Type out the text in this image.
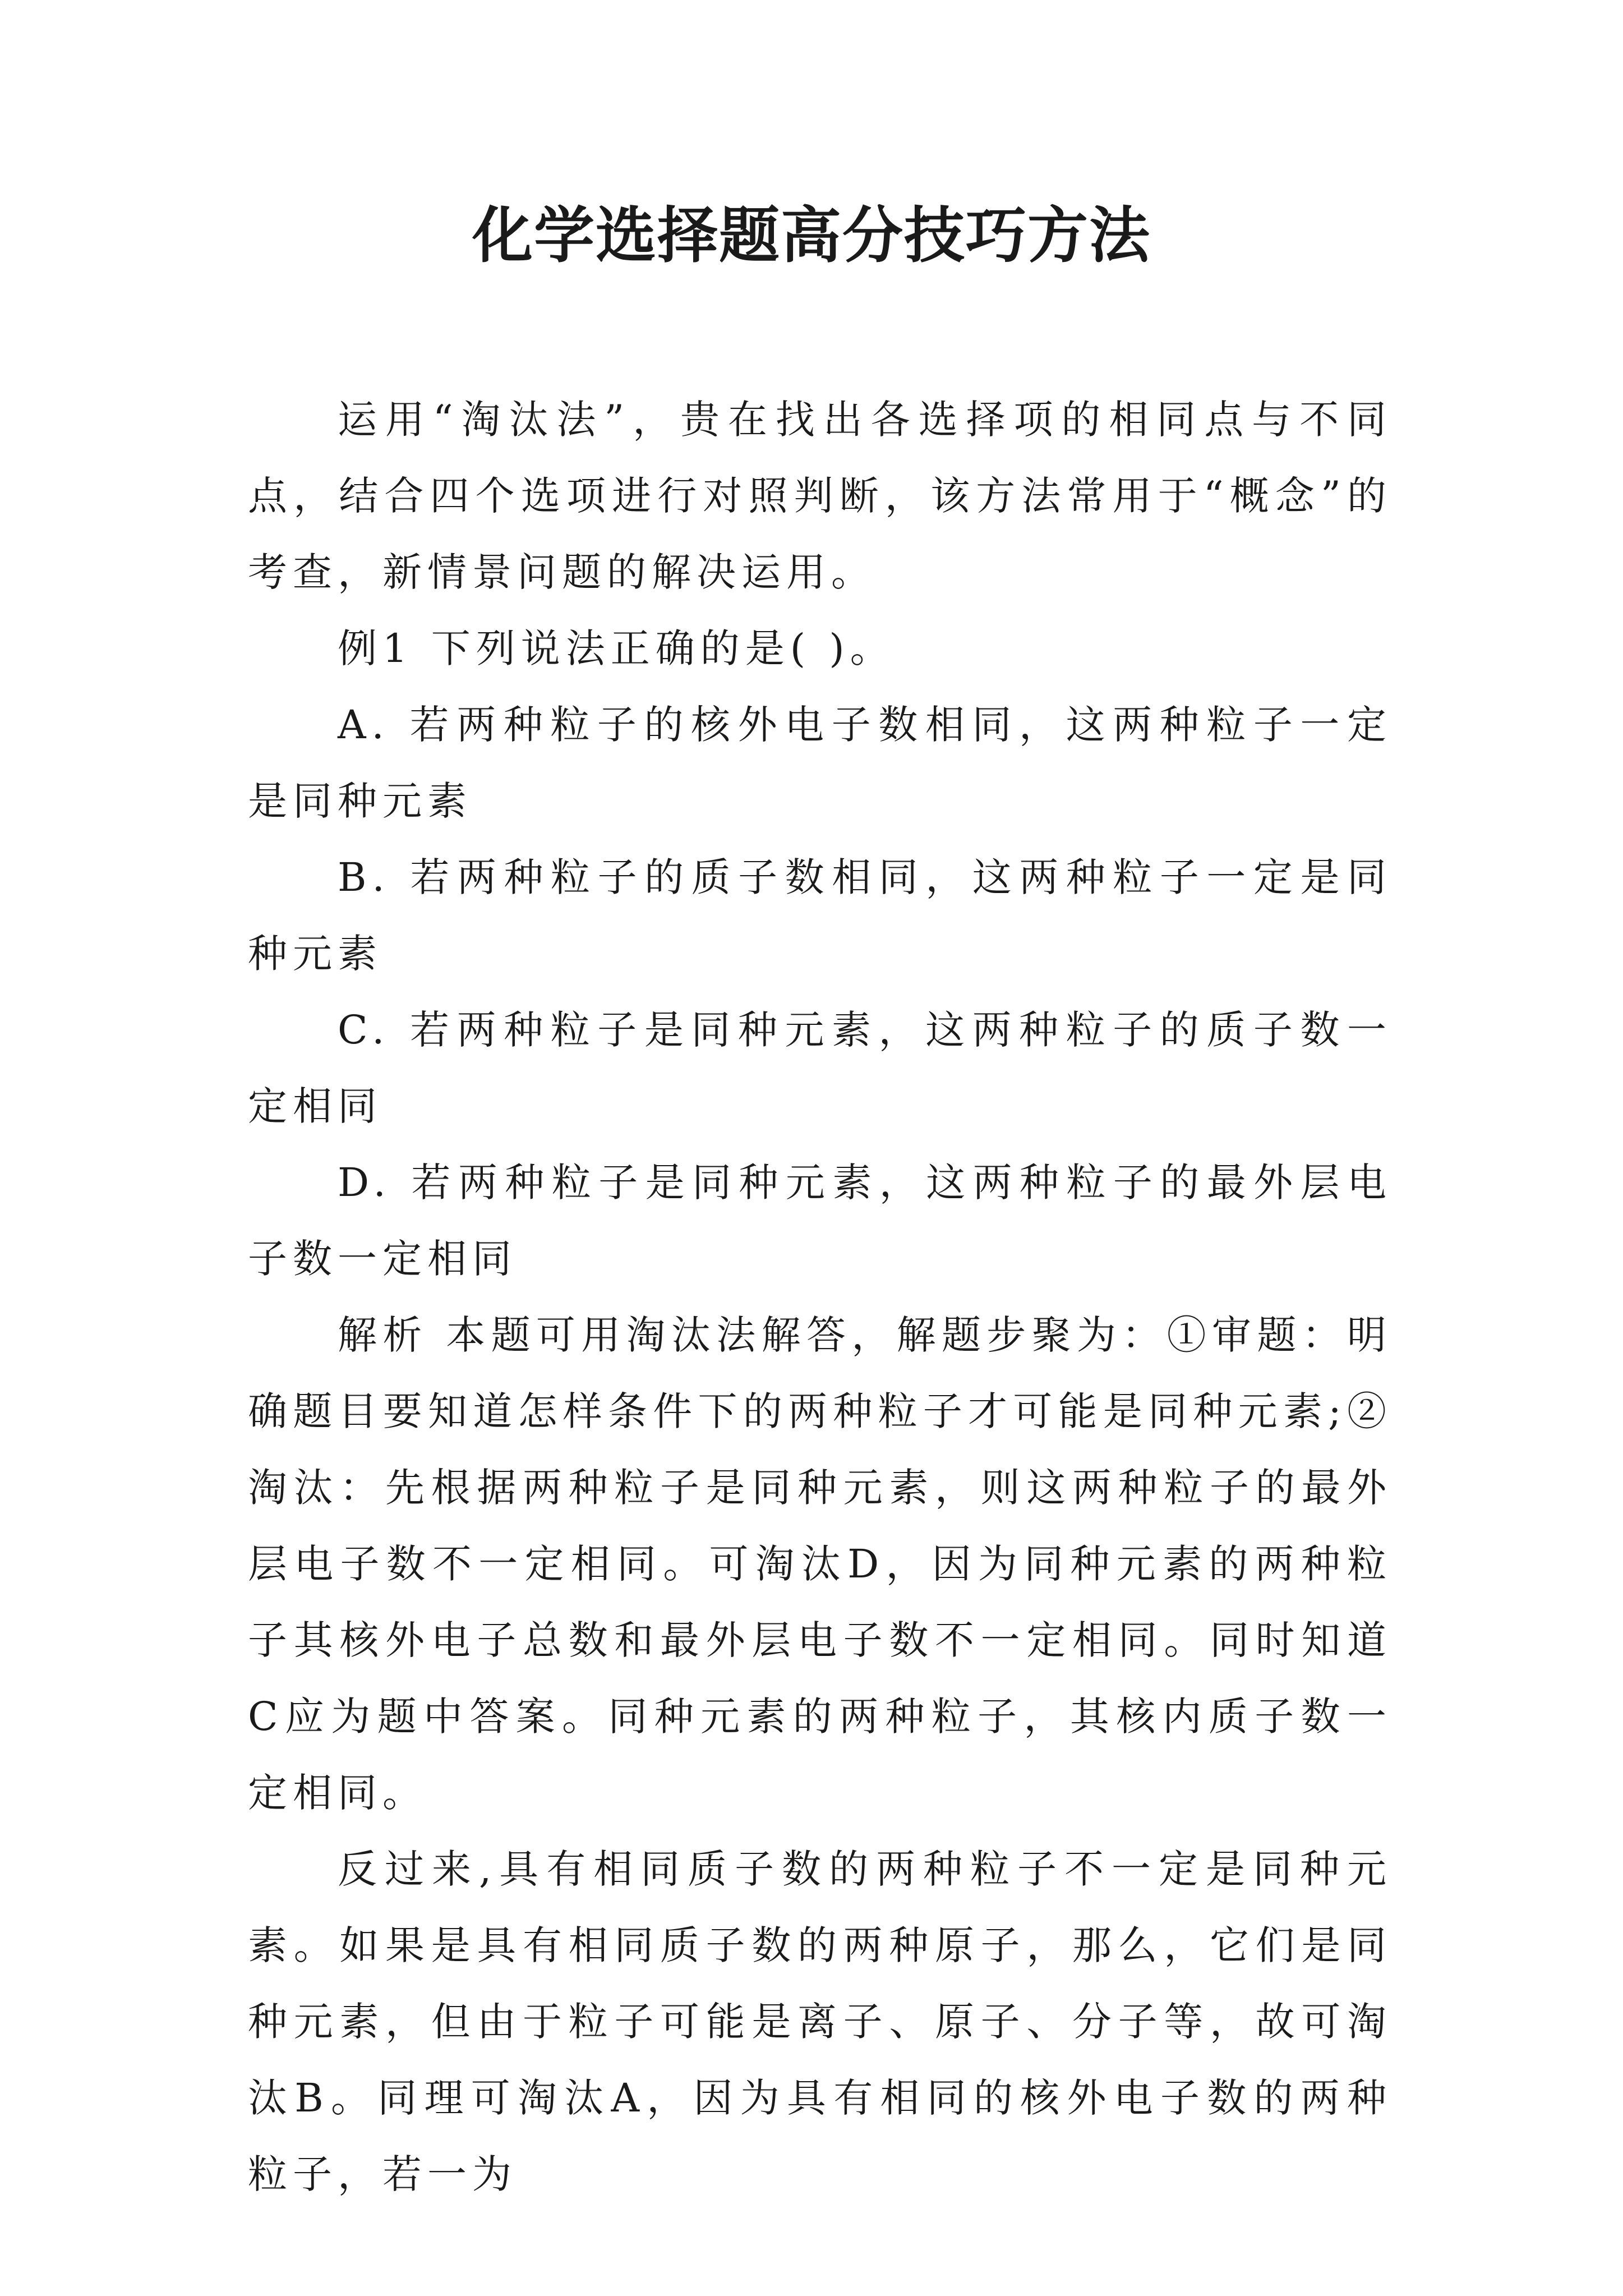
化学选择题高分技巧方法

运用“淘汰法”，贵在找出各选择项的相同点与不同点，结合四个选项进行对照判断，该方法常用于“概念”的考查，新情景问题的解决运用。

例1 下列说法正确的是( )。

A. 若两种粒子的核外电子数相同，这两种粒子一定是同种元素

B. 若两种粒子的质子数相同，这两种粒子一定是同种元素

C. 若两种粒子是同种元素，这两种粒子的质子数一定相同

D. 若两种粒子是同种元素，这两种粒子的最外层电子数一定相同

解析 本题可用淘汰法解答，解题步聚为：①审题：明确题目要知道怎样条件下的两种粒子才可能是同种元素;②淘汰：先根据两种粒子是同种元素，则这两种粒子的最外层电子数不一定相同。可淘汰D，因为同种元素的两种粒子其核外电子总数和最外层电子数不一定相同。同时知道C应为题中答案。同种元素的两种粒子，其核内质子数一定相同。

反过来,具有相同质子数的两种粒子不一定是同种元素。如果是具有相同质子数的两种原子，那么，它们是同种元素，但由于粒子可能是离子、原子、分子等，故可淘汰B。同理可淘汰A，因为具有相同的核外电子数的两种粒子，若一为
